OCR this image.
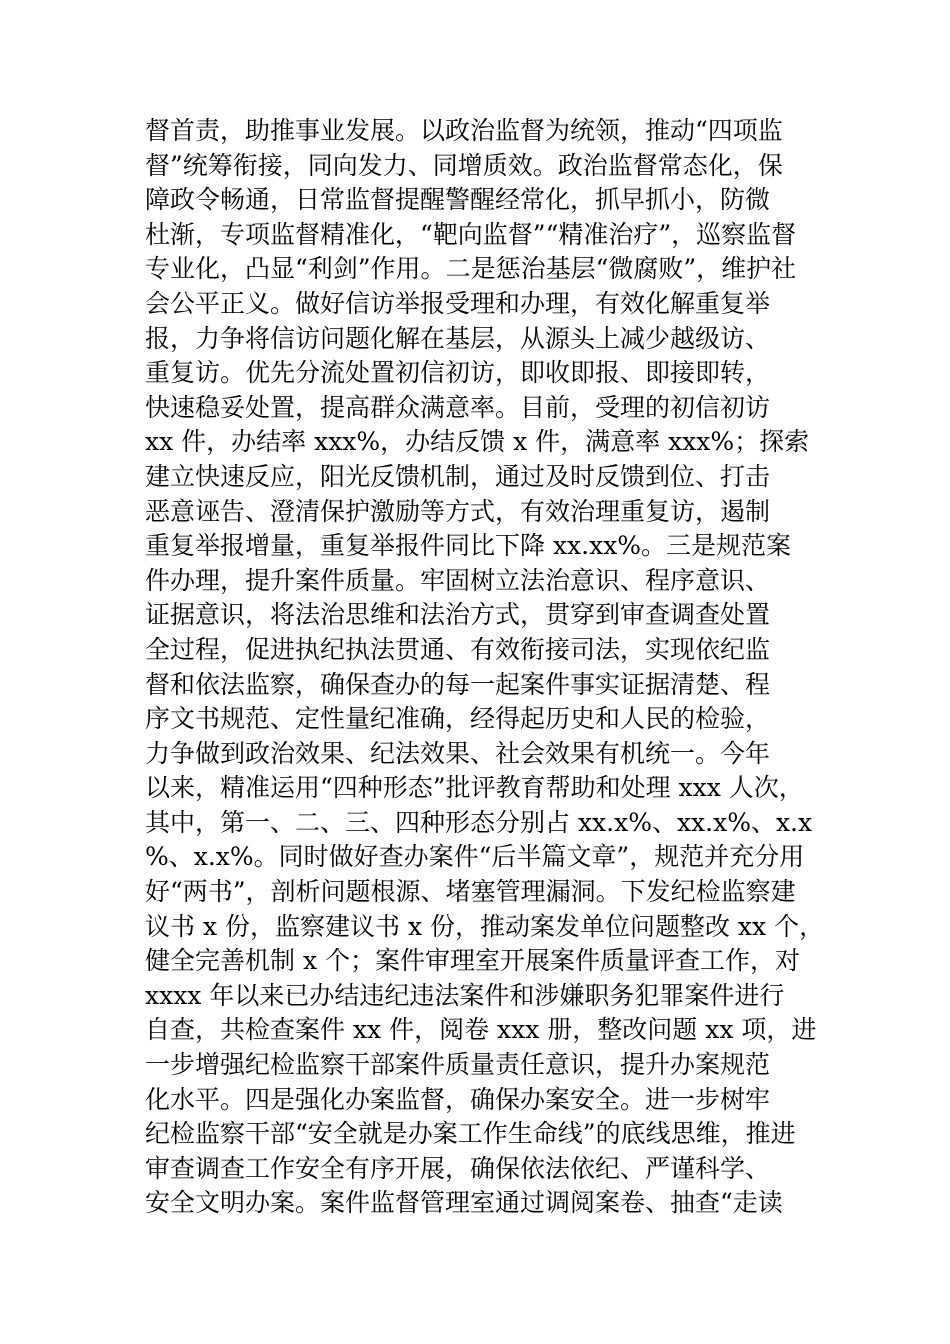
督首责，助推事业发展。以政治监督为统领，推动“四项监
督”统筹衔接，同向发力、同增质效。政治监督常态化，保
障政令畅通，日常监督提醒警醒经常化，抓早抓小，防微
杜渐，专项监督精准化，“靶向监督”“精准治疗”，巡察监督
专业化，凸显“利剑”作用。二是惩治基层“微腐败”，维护社
会公平正义。做好信访举报受理和办理，有效化解重复举
报，力争将信访问题化解在基层，从源头上减少越级访、
重复访。优先分流处置初信初访，即收即报、即接即转，
快速稳妥处置，提高群众满意率。目前，受理的初信初访
xx 件，办结率 xxx%，办结反馈 x 件，满意率 xxx%；探索
建立快速反应，阳光反馈机制，通过及时反馈到位、打击
恶意诬告、澄清保护激励等方式，有效治理重复访，遏制
重复举报增量，重复举报件同比下降 xx.xx%。三是规范案
件办理，提升案件质量。牢固树立法治意识、程序意识、
证据意识，将法治思维和法治方式，贯穿到审查调查处置
全过程，促进执纪执法贯通、有效衔接司法，实现依纪监
督和依法监察，确保查办的每一起案件事实证据清楚、程
序文书规范、定性量纪准确，经得起历史和人民的检验，
力争做到政治效果、纪法效果、社会效果有机统一。今年
以来，精准运用“四种形态”批评教育帮助和处理 xxx 人次，
其中，第一、二、三、四种形态分别占 xx.x%、xx.x%、x.x
%、x.x%。同时做好查办案件“后半篇文章”，规范并充分用
好“两书”，剖析问题根源、堵塞管理漏洞。下发纪检监察建
议书 x 份，监察建议书 x 份，推动案发单位问题整改 xx 个，
健全完善机制 x 个；案件审理室开展案件质量评查工作，对
xxxx 年以来已办结违纪违法案件和涉嫌职务犯罪案件进行
自查，共检查案件 xx 件，阅卷 xxx 册，整改问题 xx 项，进
一步增强纪检监察干部案件质量责任意识，提升办案规范
化水平。四是强化办案监督，确保办案安全。进一步树牢
纪检监察干部“安全就是办案工作生命线”的底线思维，推进
审查调查工作安全有序开展，确保依法依纪、严谨科学、
安全文明办案。案件监督管理室通过调阅案卷、抽查“走读
